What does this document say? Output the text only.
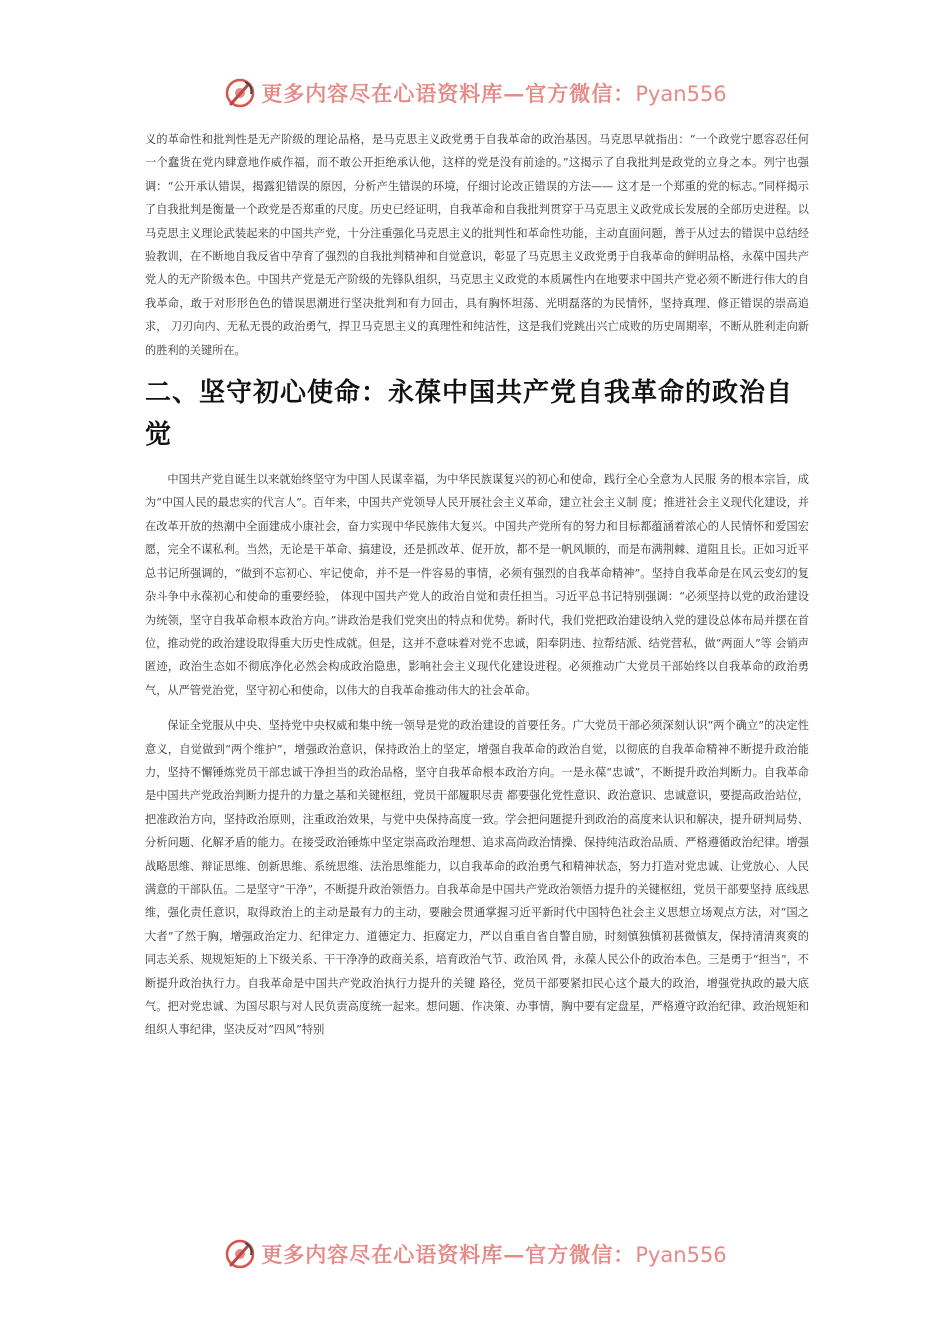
更多内容尽在心语资料库—官方微信：Pyan556

义的革命性和批判性是无产阶级的理论品格，是马克思主义政党勇于自我革命的政治基因。马克思早就指出：“一个政党宁愿容忍任何一个蠢货在党内肆意地作威作福，而不敢公开拒绝承认他，这样的党是没有前途的。”这揭示了自我批判是政党的立身之本。列宁也强调：“公开承认错误，揭露犯错误的原因，分析产生错误的环境，仔细讨论改正错误的方法—— 这才是一个郑重的党的标志。”同样揭示了自我批判是衡量一个政党是否郑重的尺度。历史已经证明，自我革命和自我批判贯穿于马克思主义政党成长发展的全部历史进程。以马克思主义理论武装起来的中国共产党，十分注重强化马克思主义的批判性和革命性功能，主动直面问题，善于从过去的错误中总结经验教训，在不断地自我反省中孕育了强烈的自我批判精神和自觉意识，彰显了马克思主义政党勇于自我革命的鲜明品格，永葆中国共产党人的无产阶级本色。中国共产党是无产阶级的先锋队组织，马克思主义政党的本质属性内在地要求中国共产党必须不断进行伟大的自我革命，敢于对形形色色的错误思潮进行坚决批判和有力回击，具有胸怀坦荡、光明磊落的为民情怀，坚持真理、修正错误的崇高追求， 刀刃向内、无私无畏的政治勇气，捍卫马克思主义的真理性和纯洁性，这是我们党跳出兴亡成败的历史周期率，不断从胜利走向新的胜利的关键所在。

二、坚守初心使命：永葆中国共产党自我革命的政治自觉

中国共产党自诞生以来就始终坚守为中国人民谋幸福，为中华民族谋复兴的初心和使命，践行全心全意为人民服 务的根本宗旨，成为“中国人民的最忠实的代言人”。百年来，中国共产党领导人民开展社会主义革命，建立社会主义制 度；推进社会主义现代化建设，并在改革开放的热潮中全面建成小康社会，奋力实现中华民族伟大复兴。中国共产党所有的努力和目标都蕴涵着浓心的人民情怀和爱国宏愿，完全不谋私利。当然，无论是干革命、搞建设，还是抓改革、促开放，都不是一帆风顺的，而是布满荆棘、道阻且长。正如习近平总书记所强调的，“做到不忘初心、牢记使命，并不是一件容易的事情，必须有强烈的自我革命精神”。坚持自我革命是在风云变幻的复杂斗争中永葆初心和使命的重要经验， 体现中国共产党人的政治自觉和责任担当。习近平总书记特别强调：“必须坚持以党的政治建设为统领，坚守自我革命根本政治方向。”讲政治是我们党突出的特点和优势。新时代，我们党把政治建设纳入党的建设总体布局并摆在首位，推动党的政治建设取得重大历史性成就。但是，这并不意味着对党不忠诚，阳奉阴违、拉帮结派、结党营私，做“两面人”等 会销声匿迹，政治生态如不彻底净化必然会构成政治隐患，影响社会主义现代化建设进程。必须推动广大党员干部始终以自我革命的政治勇气，从严管党治党，坚守初心和使命，以伟大的自我革命推动伟大的社会革命。

保证全党服从中央、坚持党中央权威和集中统一领导是党的政治建设的首要任务。广大党员干部必须深刻认识“两个确立”的决定性意义，自觉做到“两个维护”，增强政治意识，保持政治上的坚定，增强自我革命的政治自觉，以彻底的自我革命精神不断提升政治能力，坚持不懈锤炼党员干部忠诚干净担当的政治品格，坚守自我革命根本政治方向。一是永葆“忠诚”，不断提升政治判断力。自我革命是中国共产党政治判断力提升的力量之基和关键枢纽，党员干部履职尽责 都要强化党性意识、政治意识、忠诚意识，要提高政治站位，把准政治方向，坚持政治原则，注重政治效果，与党中央保持高度一致。学会把问题提升到政治的高度来认识和解决，提升研判局势、分析问题、化解矛盾的能力。在接受政治锤炼中坚定崇高政治理想、追求高尚政治情操、保持纯洁政治品质、严格遵循政治纪律。增强战略思维、辩证思维、创新思维、系统思维、法治思维能力，以自我革命的政治勇气和精神状态，努力打造对党忠诚、让党放心、人民满意的干部队伍。二是坚守“干净”，不断提升政治领悟力。自我革命是中国共产党政治领悟力提升的关键枢纽，党员干部要坚持 底线思维，强化责任意识，取得政治上的主动是最有力的主动，要融会贯通掌握习近平新时代中国特色社会主义思想立场观点方法，对“国之大者”了然于胸，增强政治定力、纪律定力、道德定力、拒腐定力，严以自重自省自警自励，时刻慎独慎初甚微慎友，保持清清爽爽的同志关系、规规矩矩的上下级关系、干干净净的政商关系，培育政治气节、政治风 骨，永葆人民公仆的政治本色。三是勇于“担当”，不断提升政治执行力。自我革命是中国共产党政治执行力提升的关键 路径，党员干部要紧扣民心这个最大的政治，增强党执政的最大底气。把对党忠诚、为国尽职与对人民负责高度统一起来。想问题、作决策、办事情，胸中要有定盘星，严格遵守政治纪律、政治规矩和组织人事纪律，坚决反对“四风”特别

更多内容尽在心语资料库—官方微信：Pyan556
